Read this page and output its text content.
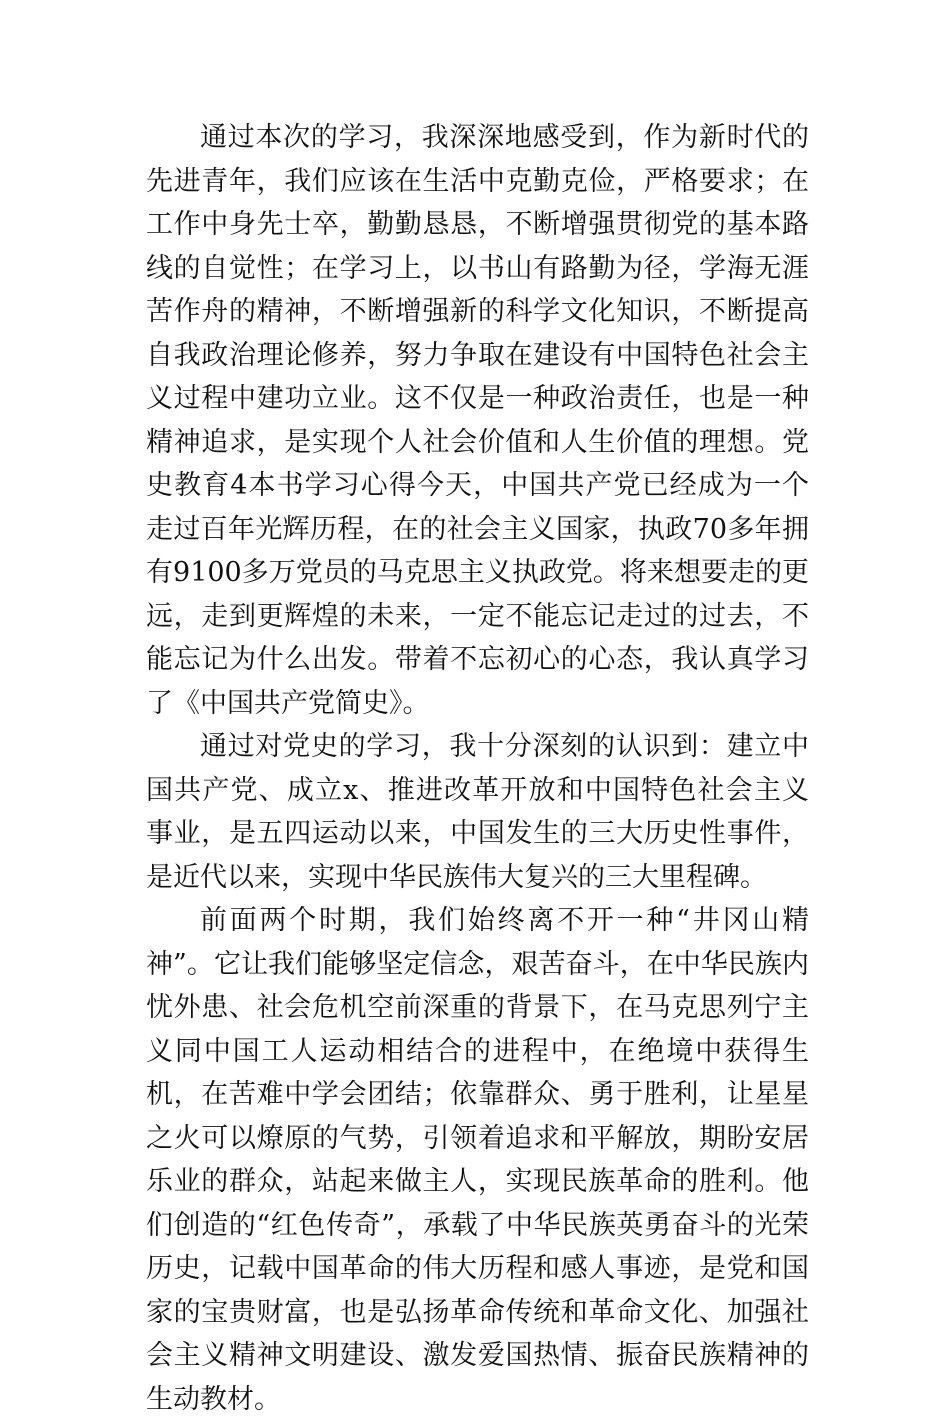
通过本次的学习，我深深地感受到，作为新时代的先进青年，我们应该在生活中克勤克俭，严格要求；在工作中身先士卒，勤勤恳恳，不断增强贯彻党的基本路线的自觉性；在学习上，以书山有路勤为径，学海无涯苦作舟的精神，不断增强新的科学文化知识，不断提高自我政治理论修养，努力争取在建设有中国特色社会主义过程中建功立业。这不仅是一种政治责任，也是一种精神追求，是实现个人社会价值和人生价值的理想。党史教育4本书学习心得今天，中国共产党已经成为一个走过百年光辉历程，在的社会主义国家，执政70多年拥有9100多万党员的马克思主义执政党。将来想要走的更远，走到更辉煌的未来，一定不能忘记走过的过去，不能忘记为什么出发。带着不忘初心的心态，我认真学习了《中国共产党简史》。

通过对党史的学习，我十分深刻的认识到：建立中国共产党、成立x、推进改革开放和中国特色社会主义事业，是五四运动以来，中国发生的三大历史性事件，是近代以来，实现中华民族伟大复兴的三大里程碑。

前面两个时期，我们始终离不开一种“井冈山精神”。它让我们能够坚定信念，艰苦奋斗，在中华民族内忧外患、社会危机空前深重的背景下，在马克思列宁主义同中国工人运动相结合的进程中，在绝境中获得生机，在苦难中学会团结；依靠群众、勇于胜利，让星星之火可以燎原的气势，引领着追求和平解放，期盼安居乐业的群众，站起来做主人，实现民族革命的胜利。他们创造的“红色传奇”，承载了中华民族英勇奋斗的光荣历史，记载中国革命的伟大历程和感人事迹，是党和国家的宝贵财富，也是弘扬革命传统和革命文化、加强社会主义精神文明建设、激发爱国热情、振奋民族精神的生动教材。
